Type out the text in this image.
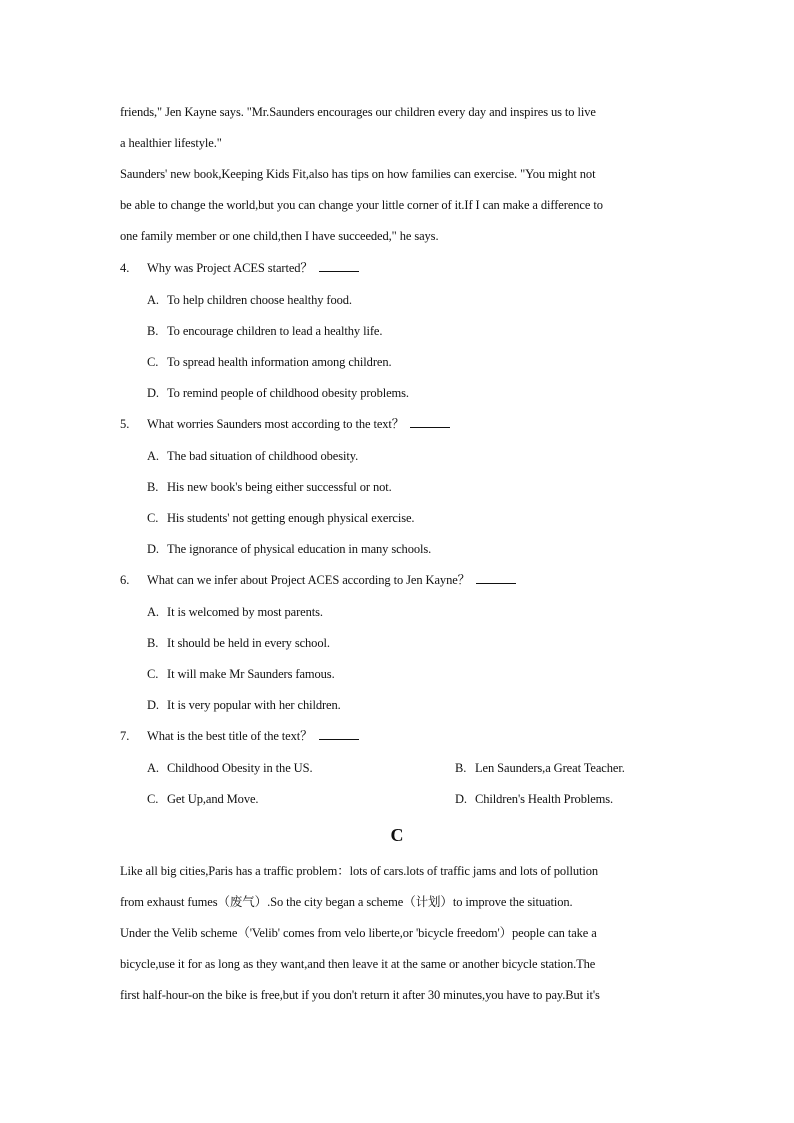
friends," Jen Kayne says. "Mr.Saunders encourages our children every day and inspires us to live
a healthier lifestyle."
Saunders' new book,Keeping Kids Fit,also has tips on how families can exercise. "You might not
be able to change the world,but you can change your little corner of it.If I can make a difference to
one family member or one child,then I have succeeded," he says.
4. Why was Project ACES started？
A. To help children choose healthy food.
B. To encourage children to lead a healthy life.
C. To spread health information among children.
D. To remind people of childhood obesity problems.
5. What worries Saunders most according to the text？
A. The bad situation of childhood obesity.
B. His new book's being either successful or not.
C. His students' not getting enough physical exercise.
D. The ignorance of physical education in many schools.
6. What can we infer about Project ACES according to Jen Kayne？
A. It is welcomed by most parents.
B. It should be held in every school.
C. It will make Mr Saunders famous.
D. It is very popular with her children.
7. What is the best title of the text？
A. Childhood Obesity in the US.	B. Len Saunders,a Great Teacher.
C. Get Up,and Move.	D. Children's Health Problems.
C
Like all big cities,Paris has a traffic problem：lots of cars.lots of traffic jams and lots of pollution
from exhaust fumes（废气）.So the city began a scheme（计划）to improve the situation.
Under the Velib scheme（'Velib' comes from velo liberte,or 'bicycle freedom'）people can take a
bicycle,use it for as long as they want,and then leave it at the same or another bicycle station.The
first half-hour-on the bike is free,but if you don't return it after 30 minutes,you have to pay.But it's
